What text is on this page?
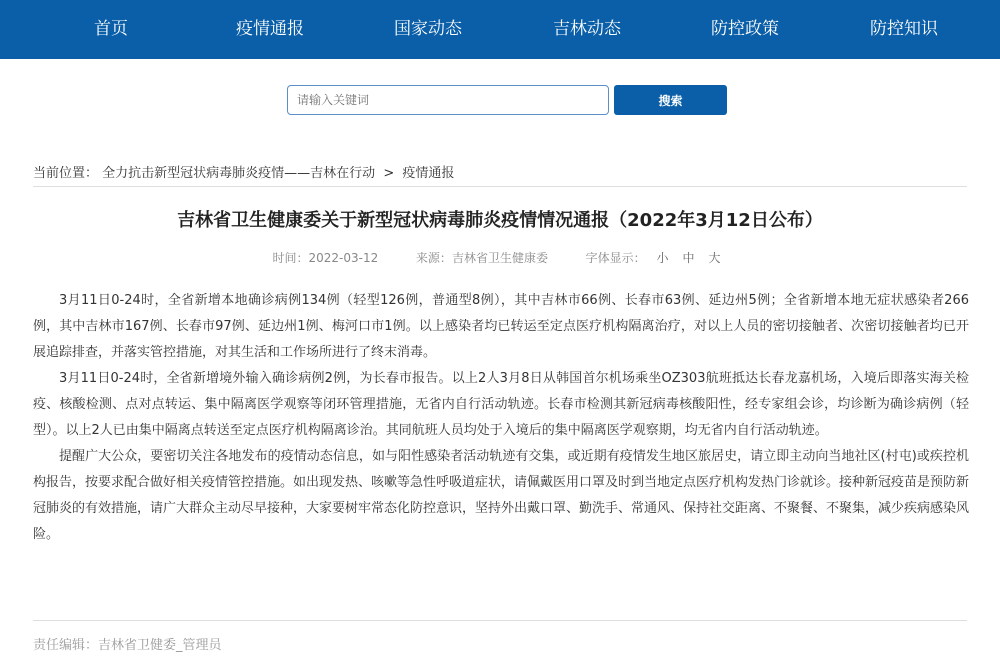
首页	疫情通报	国家动态	吉林动态	防控政策	防控知识
请输入关键词
搜索
当前位置： 全力抗击新型冠状病毒肺炎疫情——吉林在行动 > 疫情通报
吉林省卫生健康委关于新型冠状病毒肺炎疫情情况通报（2022年3月12日公布）
时间：2022-03-12	来源：吉林省卫生健康委	字体显示： 小 中 大

3月11日0-24时，全省新增本地确诊病例134例（轻型126例，普通型8例），其中吉林市66例、长春市63例、延边州5例；全省新增本地无症状感染者266例，其中吉林市167例、长春市97例、延边州1例、梅河口市1例。以上感染者均已转运至定点医疗机构隔离治疗，对以上人员的密切接触者、次密切接触者均已开展追踪排查，并落实管控措施，对其生活和工作场所进行了终末消毒。

3月11日0-24时，全省新增境外输入确诊病例2例，为长春市报告。以上2人3月8日从韩国首尔机场乘坐OZ303航班抵达长春龙嘉机场，入境后即落实海关检疫、核酸检测、点对点转运、集中隔离医学观察等闭环管理措施，无省内自行活动轨迹。长春市检测其新冠病毒核酸阳性，经专家组会诊，均诊断为确诊病例（轻型）。以上2人已由集中隔离点转送至定点医疗机构隔离诊治。其同航班人员均处于入境后的集中隔离医学观察期，均无省内自行活动轨迹。

提醒广大公众，要密切关注各地发布的疫情动态信息，如与阳性感染者活动轨迹有交集，或近期有疫情发生地区旅居史，请立即主动向当地社区(村屯)或疾控机构报告，按要求配合做好相关疫情管控措施。如出现发热、咳嗽等急性呼吸道症状，请佩戴医用口罩及时到当地定点医疗机构发热门诊就诊。接种新冠疫苗是预防新冠肺炎的有效措施，请广大群众主动尽早接种，大家要树牢常态化防控意识，坚持外出戴口罩、勤洗手、常通风、保持社交距离、不聚餐、不聚集，减少疾病感染风险。

责任编辑：吉林省卫健委_管理员
